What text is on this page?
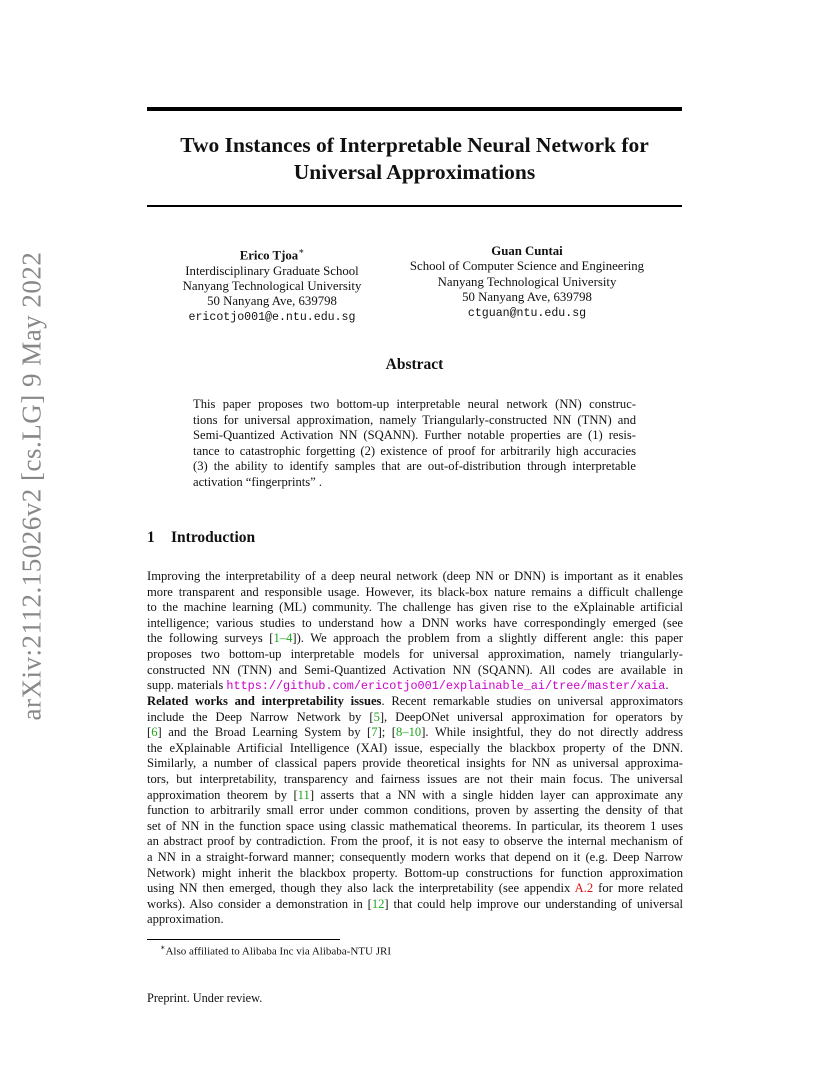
arXiv:2112.15026v2 [cs.LG] 9 May 2022
Two Instances of Interpretable Neural Network for
Universal Approximations
Erico Tjoa∗
Interdisciplinary Graduate School
Nanyang Technological University
50 Nanyang Ave, 639798
ericotjo001@e.ntu.edu.sg
Guan Cuntai
School of Computer Science and Engineering
Nanyang Technological University
50 Nanyang Ave, 639798
ctguan@ntu.edu.sg
Abstract
This paper proposes two bottom-up interpretable neural network (NN) construc-
tions for universal approximation, namely Triangularly-constructed NN (TNN) and
Semi-Quantized Activation NN (SQANN). Further notable properties are (1) resis-
tance to catastrophic forgetting (2) existence of proof for arbitrarily high accuracies
(3) the ability to identify samples that are out-of-distribution through interpretable
activation “fingerprints” .
1 Introduction
Improving the interpretability of a deep neural network (deep NN or DNN) is important as it enables
more transparent and responsible usage. However, its black-box nature remains a difficult challenge
to the machine learning (ML) community. The challenge has given rise to the eXplainable artificial
intelligence; various studies to understand how a DNN works have correspondingly emerged (see
the following surveys [1–4]). We approach the problem from a slightly different angle: this paper
proposes two bottom-up interpretable models for universal approximation, namely triangularly-
constructed NN (TNN) and Semi-Quantized Activation NN (SQANN). All codes are available in
supp. materials https://github.com/ericotjo001/explainable_ai/tree/master/xaia.
Related works and interpretability issues. Recent remarkable studies on universal approximators
include the Deep Narrow Network by [5], DeepONet universal approximation for operators by
[6] and the Broad Learning System by [7]; [8–10]. While insightful, they do not directly address
the eXplainable Artificial Intelligence (XAI) issue, especially the blackbox property of the DNN.
Similarly, a number of classical papers provide theoretical insights for NN as universal approxima-
tors, but interpretability, transparency and fairness issues are not their main focus. The universal
approximation theorem by [11] asserts that a NN with a single hidden layer can approximate any
function to arbitrarily small error under common conditions, proven by asserting the density of that
set of NN in the function space using classic mathematical theorems. In particular, its theorem 1 uses
an abstract proof by contradiction. From the proof, it is not easy to observe the internal mechanism of
a NN in a straight-forward manner; consequently modern works that depend on it (e.g. Deep Narrow
Network) might inherit the blackbox property. Bottom-up constructions for function approximation
using NN then emerged, though they also lack the interpretability (see appendix A.2 for more related
works). Also consider a demonstration in [12] that could help improve our understanding of universal
approximation.
∗Also affiliated to Alibaba Inc via Alibaba-NTU JRI
Preprint. Under review.
